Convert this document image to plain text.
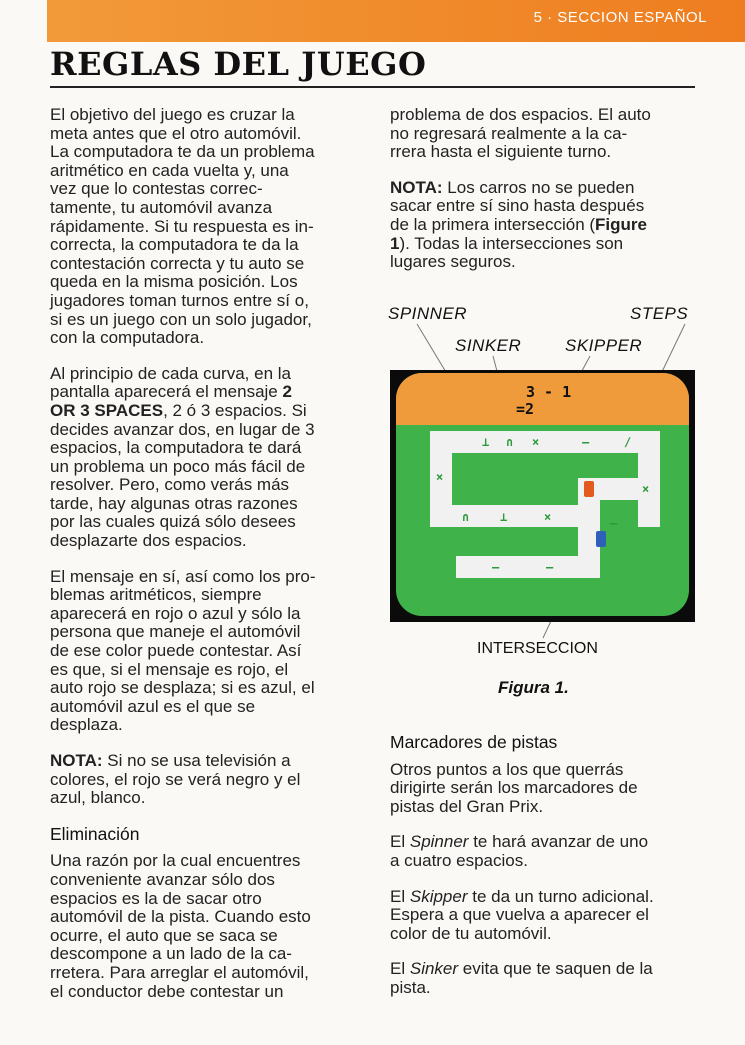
5 · SECCION ESPAÑOL
REGLAS DEL JUEGO

El objetivo del juego es cruzar la
meta antes que el otro automóvil.
La computadora te da un problema
aritmético en cada vuelta y, una
vez que lo contestas correc-
tamente, tu automóvil avanza
rápidamente. Si tu respuesta es in-
correcta, la computadora te da la
contestación correcta y tu auto se
queda en la misma posición. Los
jugadores toman turnos entre sí o,
si es un juego con un solo jugador,
con la computadora.

Al principio de cada curva, en la
pantalla aparecerá el mensaje 2
OR 3 SPACES, 2 ó 3 espacios. Si
decides avanzar dos, en lugar de 3
espacios, la computadora te dará
un problema un poco más fácil de
resolver. Pero, como verás más
tarde, hay algunas otras razones
por las cuales quizá sólo desees
desplazarte dos espacios.

El mensaje en sí, así como los pro-
blemas aritméticos, siempre
aparecerá en rojo o azul y sólo la
persona que maneje el automóvil
de ese color puede contestar. Así
es que, si el mensaje es rojo, el
auto rojo se desplaza; si es azul, el
automóvil azul es el que se
desplaza.

NOTA: Si no se usa televisión a
colores, el rojo se verá negro y el
azul, blanco.

Eliminación

Una razón por la cual encuentres
conveniente avanzar sólo dos
espacios es la de sacar otro
automóvil de la pista. Cuando esto
ocurre, el auto que se saca se
descompone a un lado de la ca-
rretera. Para arreglar el automóvil,
el conductor debe contestar un

problema de dos espacios. El auto
no regresará realmente a la ca-
rrera hasta el siguiente turno.

NOTA: Los carros no se pueden
sacar entre sí sino hasta después
de la primera intersección (Figure
1). Todas la intersecciones son
lugares seguros.

SPINNER	STEPS
SINKER	SKIPPER
3 - 1
=2
⊥ ∩ ×	—	∕
×
∩	⊥	×
×
—
—	—
INTERSECCION
Figura 1.
Marcadores de pistas

Otros puntos a los que querrás
dirigirte serán los marcadores de
pistas del Gran Prix.

El Spinner te hará avanzar de uno
a cuatro espacios.

El Skipper te da un turno adicional.
Espera a que vuelva a aparecer el
color de tu automóvil.

El Sinker evita que te saquen de la
pista.
